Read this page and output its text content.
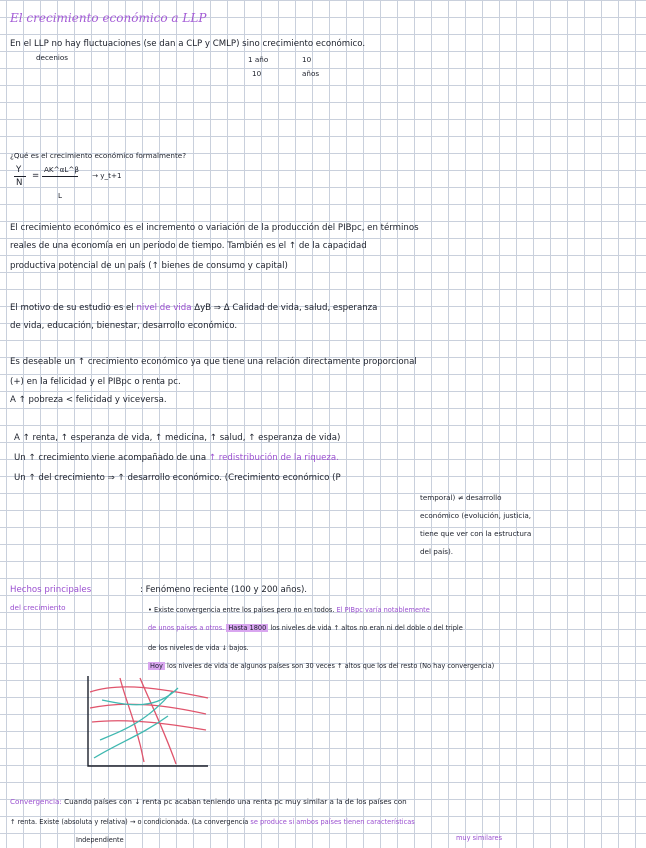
El crecimiento económico a LLP
En el LLP no hay fluctuaciones (se dan a CLP y CMLP) sino crecimiento económico.
decenios	1 año	10
10	años
¿Qué es el crecimiento económico formalmente?
Y
N
=
AK^αL^β
L
→ y_t+1
El crecimiento económico es el incremento o variación de la producción del PIBpc, en términos
reales de una economía en un periodo de tiempo. También es el ↑ de la capacidad
productiva potencial de un país (↑ bienes de consumo y capital)
El motivo de su estudio es el nivel de vida ΔyB ⇒ Δ Calidad de vida, salud, esperanza
de vida, educación, bienestar, desarrollo económico.
Es deseable un ↑ crecimiento económico ya que tiene una relación directamente proporcional
(+) en la felicidad y el PIBpc o renta pc.
A ↑ pobreza < felicidad y viceversa.
A ↑ renta, ↑ esperanza de vida, ↑ medicina, ↑ salud, ↑ esperanza de vida)
Un ↑ crecimiento viene acompañado de una ↑ redistribución de la riqueza.
Un ↑ del crecimiento ⇒ ↑ desarrollo económico. (Crecimiento económico (P
temporal) ≠ desarrollo
económico (evolución, justicia,
tiene que ver con la estructura
del país).
Hechos principales
del crecimiento
: Fenómeno reciente (100 y 200 años).
• Existe convergencia entre los países pero no en todos. El PIBpc varía notablemente
de unos países a otros. Hasta 1800 los niveles de vida ↑ altos no eran ni del doble o del triple
de los niveles de vida ↓ bajos.
Hoy los niveles de vida de algunos países son 30 veces ↑ altos que los del resto (No hay convergencia)
Convergencia: Cuando países con ↓ renta pc acaban teniendo una renta pc muy similar a la de los países con
↑ renta. Existe (absoluta y relativa) → o condicionada. (La convergencia se produce si ambos países tienen características
muy similares
Independiente
